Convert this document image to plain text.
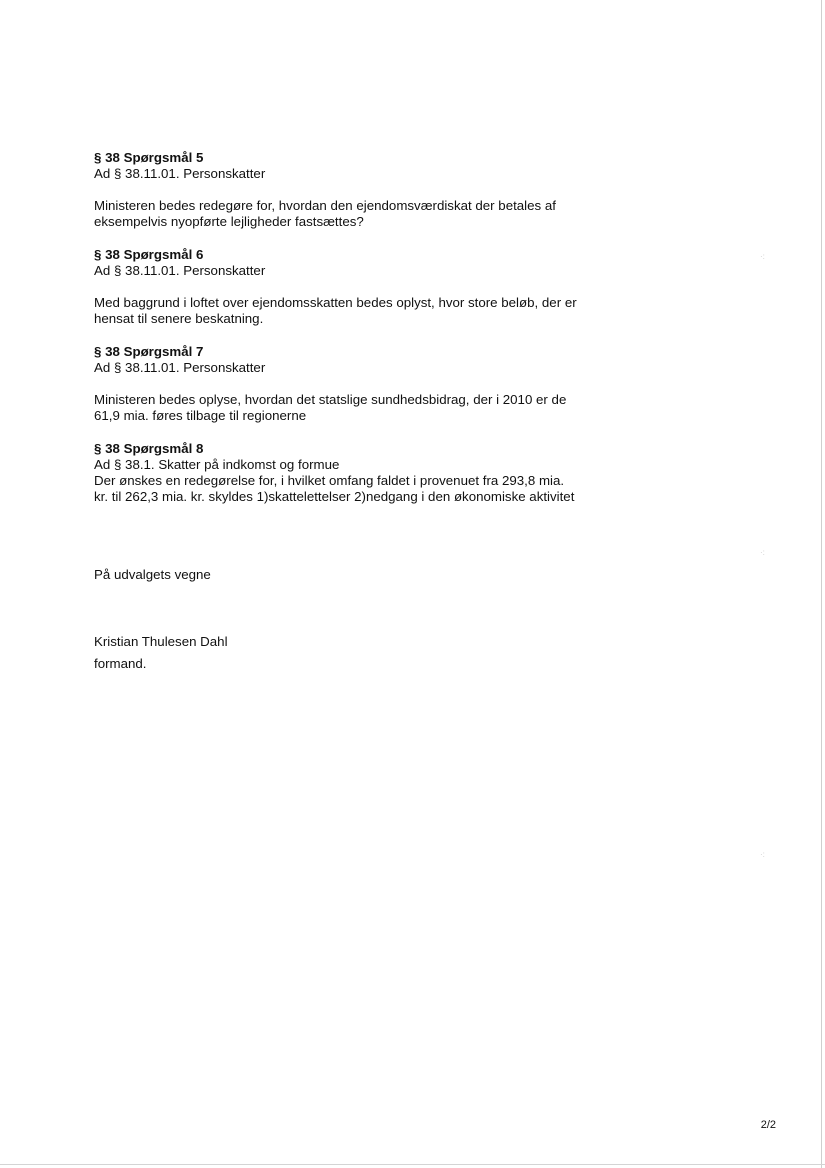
§ 38 Spørgsmål 5

Ad § 38.11.01. Personskatter

Ministeren bedes redegøre for, hvordan den ejendomsværdiskat der betales af
eksempelvis nyopførte lejligheder fastsættes?

§ 38 Spørgsmål 6

Ad § 38.11.01. Personskatter

Med baggrund i loftet over ejendomsskatten bedes oplyst, hvor store beløb, der er
hensat til senere beskatning.

§ 38 Spørgsmål 7

Ad § 38.11.01. Personskatter

Ministeren bedes oplyse, hvordan det statslige sundhedsbidrag, der i 2010 er de
61,9 mia. føres tilbage til regionerne

§ 38 Spørgsmål 8

Ad § 38.1. Skatter på indkomst og formue

Der ønskes en redegørelse for, i hvilket omfang faldet i provenuet fra 293,8 mia.
kr. til 262,3 mia. kr. skyldes 1)skattelettelser 2)nedgang i den økonomiske aktivitet

På udvalgets vegne
Kristian Thulesen Dahl
formand.
2/2
·:
·:
·:
